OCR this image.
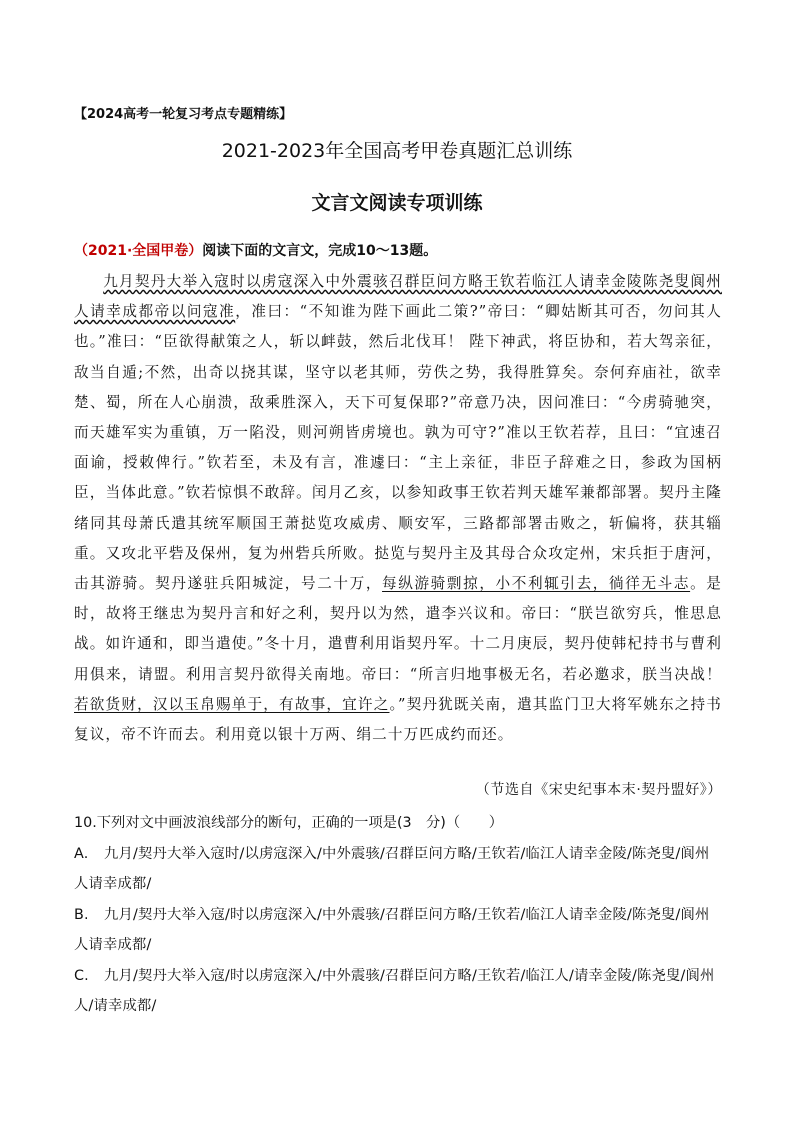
【2024高考一轮复习考点专题精练】
2021-2023年全国高考甲卷真题汇总训练
文言文阅读专项训练
（2021·全国甲卷）阅读下面的文言文，完成10～13题。

九月契丹大举入寇时以虏寇深入中外震骇召群臣问方略王钦若临江人请幸金陵陈尧叟阆州人请幸成都帝以问寇准，准曰：“不知谁为陛下画此二策?”帝曰：“卿姑断其可否，勿问其人也。”准曰：“臣欲得献策之人，斩以衅鼓，然后北伐耳！ 陛下神武，将臣协和，若大驾亲征，敌当自遁;不然，出奇以挠其谋，坚守以老其师，劳佚之势，我得胜算矣。奈何弃庙社，欲幸楚、蜀，所在人心崩溃，敌乘胜深入，天下可复保耶?”帝意乃决，因问准曰：“今虏骑驰突，而天雄军实为重镇，万一陷没，则河朔皆虏境也。孰为可守?”准以王钦若荐，且曰：“宜速召面谕，授敕俾行。”钦若至，未及有言，准遽曰：“主上亲征，非臣子辞难之日，参政为国柄臣，当体此意。”钦若惊惧不敢辞。闰月乙亥，以参知政事王钦若判天雄军兼都部署。契丹主隆绪同其母萧氏遣其统军顺国王萧挞览攻威虏、顺安军，三路都部署击败之，斩偏将，获其辎重。又攻北平砦及保州，复为州砦兵所败。挞览与契丹主及其母合众攻定州，宋兵拒于唐河，击其游骑。契丹遂驻兵阳城淀，号二十万，每纵游骑剽掠，小不利辄引去，徜徉无斗志。是时，故将王继忠为契丹言和好之利，契丹以为然，遣李兴议和。帝曰：“朕岂欲穷兵，惟思息战。如许通和，即当遣使。”冬十月，遣曹利用诣契丹军。十二月庚辰，契丹使韩杞持书与曹利用俱来，请盟。利用言契丹欲得关南地。帝曰：“所言归地事极无名，若必邀求，朕当决战！若欲货财，汉以玉帛赐单于，有故事，宜许之。”契丹犹既关南，遣其监门卫大将军姚东之持书复议，帝不许而去。利用竟以银十万两、绢二十万匹成约而还。

（节选自《宋史纪事本末·契丹盟好》）

10.下列对文中画波浪线部分的断句，正确的一项是(3　分)（　　）

A. 九月/契丹大举入寇时/以虏寇深入/中外震骇/召群臣问方略/王钦若/临江人请幸金陵/陈尧叟/阆州人请幸成都/

B. 九月/契丹大举入寇/时以虏寇深入/中外震骇/召群臣问方略/王钦若/临江人请幸金陵/陈尧叟/阆州人请幸成都/

C. 九月/契丹大举入寇/时以虏寇深入/中外震骇/召群臣问方略/王钦若/临江人/请幸金陵/陈尧叟/阆州人/请幸成都/
